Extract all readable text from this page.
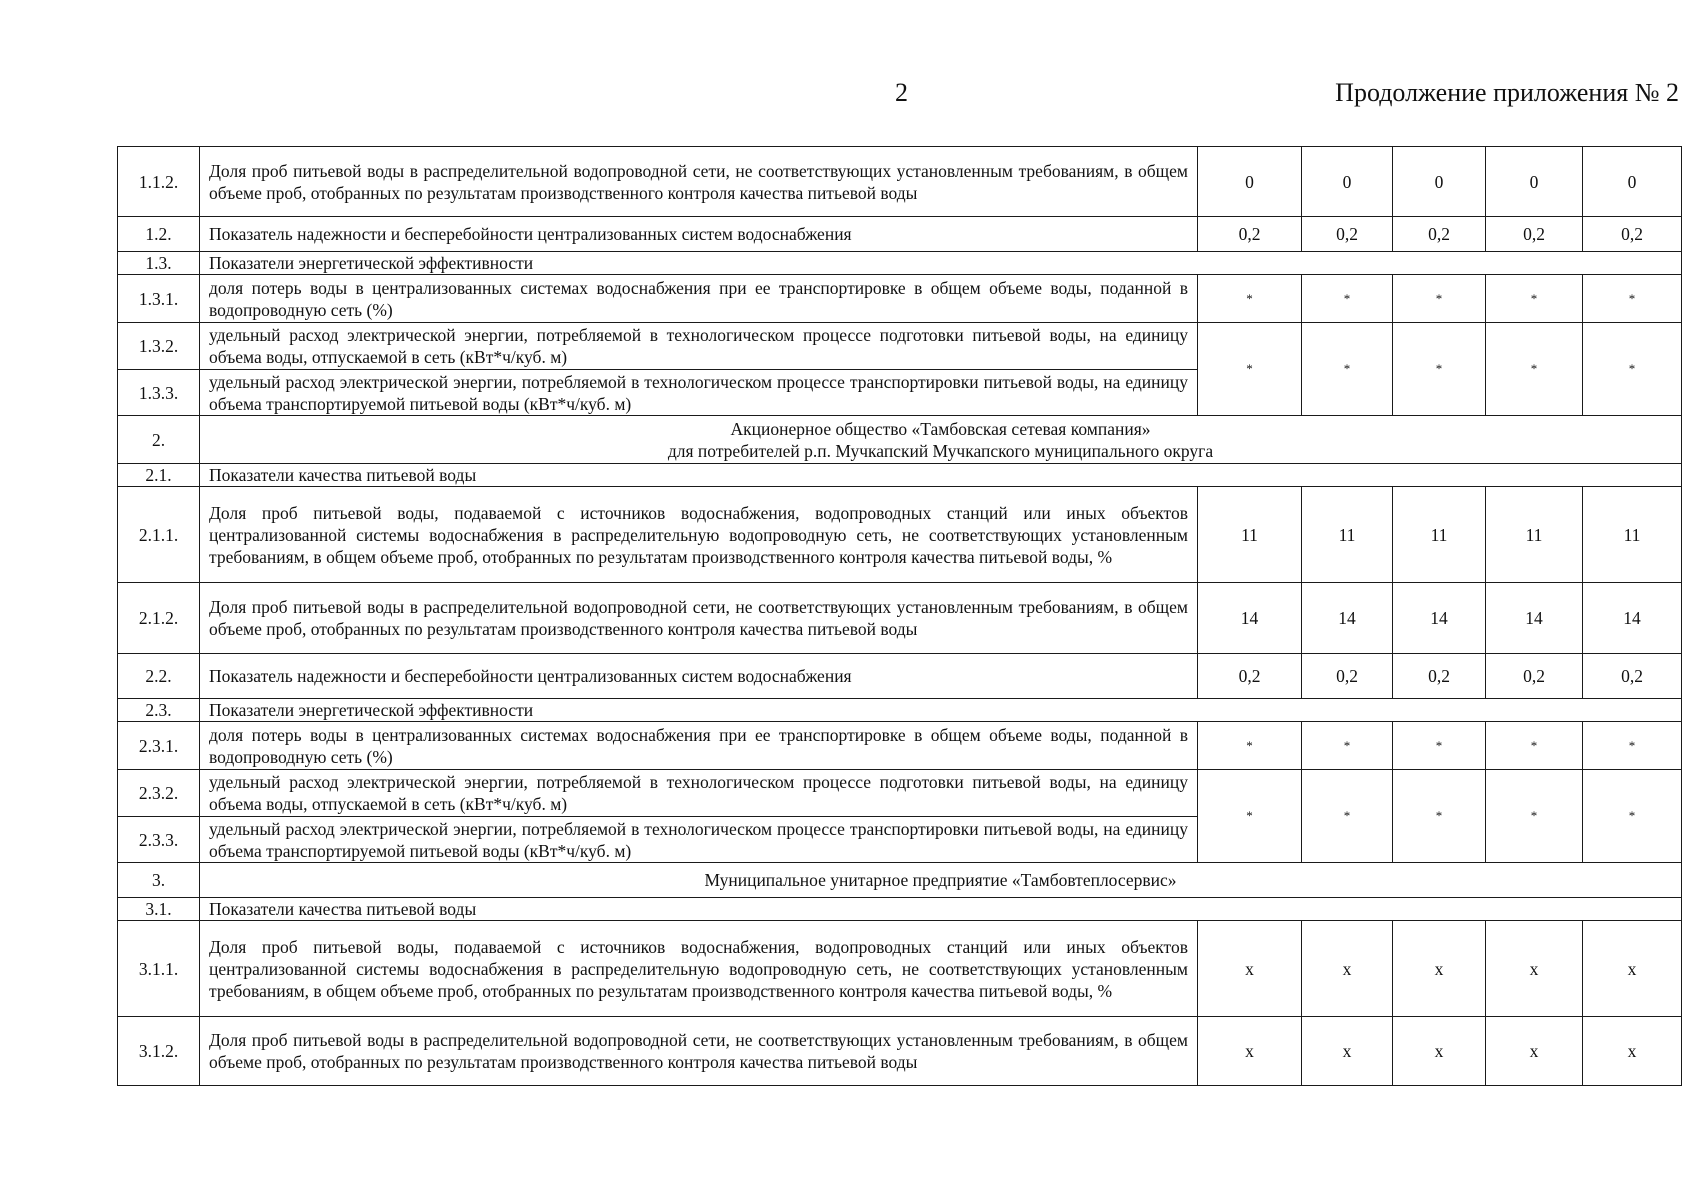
2	Продолжение приложения № 2
1.1.2.	Доля проб питьевой воды в распределительной водопроводной сети, не соответствующих установленным требованиям, в общем объеме проб, отобранных по результатам производственного контроля качества питьевой воды	0	0	0	0	0
1.2.	Показатель надежности и бесперебойности централизованных систем водоснабжения	0,2	0,2	0,2	0,2	0,2
1.3.	Показатели энергетической эффективности					
1.3.1.	доля потерь воды в централизованных системах водоснабжения при ее транспортировке в общем объеме воды, поданной в водопроводную сеть (%)	*	*	*	*	*
1.3.2.	удельный расход электрической энергии, потребляемой в технологическом процессе подготовки питьевой воды, на единицу объема воды, отпускаемой в сеть (кВт*ч/куб. м)	*	*	*	*	*
1.3.3.	удельный расход электрической энергии, потребляемой в технологическом процессе транспортировки питьевой воды, на единицу объема транспортируемой питьевой воды (кВт*ч/куб. м)					
2.	Акционерное общество «Тамбовская сетевая компания»
для потребителей р.п. Мучкапский Мучкапского муниципального округа					

2.1.	Показатели качества питьевой воды					
2.1.1.	Доля проб питьевой воды, подаваемой с источников водоснабжения, водопроводных станций или иных объектов централизованной системы водоснабжения в распределительную водопроводную сеть, не соответствующих установленным требованиям, в общем объеме проб, отобранных по результатам производственного контроля качества питьевой воды, %	11	11	11	11	11
2.1.2.	Доля проб питьевой воды в распределительной водопроводной сети, не соответствующих установленным требованиям, в общем объеме проб, отобранных по результатам производственного контроля качества питьевой воды	14	14	14	14	14
2.2.	Показатель надежности и бесперебойности централизованных систем водоснабжения	0,2	0,2	0,2	0,2	0,2
2.3.	Показатели энергетической эффективности					
2.3.1.	доля потерь воды в централизованных системах водоснабжения при ее транспортировке в общем объеме воды, поданной в водопроводную сеть (%)	*	*	*	*	*
2.3.2.	удельный расход электрической энергии, потребляемой в технологическом процессе подготовки питьевой воды, на единицу объема воды, отпускаемой в сеть (кВт*ч/куб. м)	*	*	*	*	*
2.3.3.	удельный расход электрической энергии, потребляемой в технологическом процессе транспортировки питьевой воды, на единицу объема транспортируемой питьевой воды (кВт*ч/куб. м)					
3.	Муниципальное унитарное предприятие «Тамбовтеплосервис»					
3.1.	Показатели качества питьевой воды					
3.1.1.	Доля проб питьевой воды, подаваемой с источников водоснабжения, водопроводных станций или иных объектов централизованной системы водоснабжения в распределительную водопроводную сеть, не соответствующих установленным требованиям, в общем объеме проб, отобранных по результатам производственного контроля качества питьевой воды, %	х	х	х	х	х
3.1.2.	Доля проб питьевой воды в распределительной водопроводной сети, не соответствующих установленным требованиям, в общем объеме проб, отобранных по результатам производственного контроля качества питьевой воды	х	х	х	х	х
